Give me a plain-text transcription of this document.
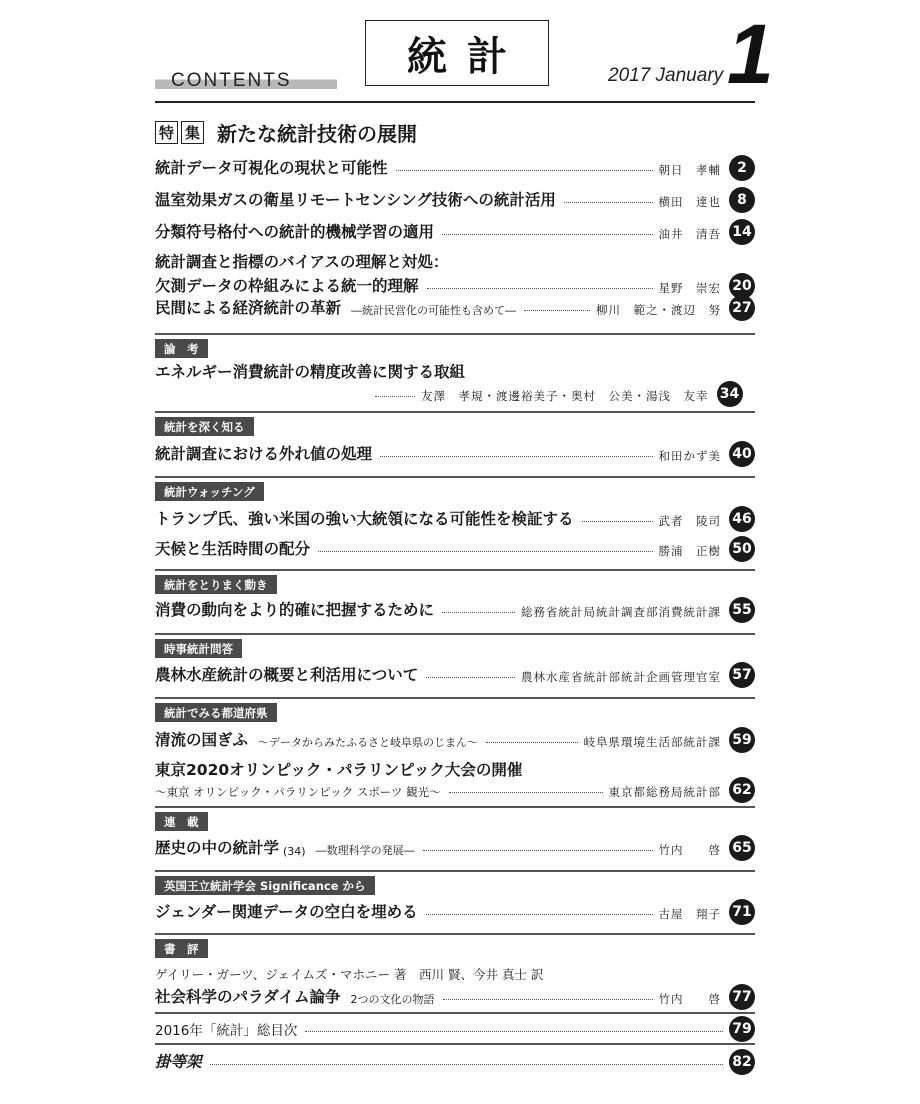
CONTENTS
統計	2017 January 1
特 集 新たな統計技術の展開
統計データ可視化の現状と可能性	朝日　孝輔	2
温室効果ガスの衛星リモートセンシング技術への統計活用	横田　達也	8
分類符号格付への統計的機械学習の適用	油井　清吾 14
統計調査と指標のバイアスの理解と対処：
欠測データの枠組みによる統一的理解	星野　崇宏 20
民間による経済統計の革新 ―統計民営化の可能性も含めて―	柳川　範之・渡辺　努 27
論　考
エネルギー消費統計の精度改善に関する取組
友澤　孝規・渡邊裕美子・奥村　公美・湯浅　友幸 34
統計を深く知る
統計調査における外れ値の処理	和田かず美 40
統計ウォッチング
トランプ氏、強い米国の強い大統領になる可能性を検証する	武者　陵司 46
天候と生活時間の配分	勝浦　正樹 50
統計をとりまく動き
消費の動向をより的確に把握するために	総務省統計局統計調査部消費統計課 55
時事統計問答
農林水産統計の概要と利活用について	農林水産省統計部統計企画管理官室 57
統計でみる都道府県
清流の国ぎふ ～データからみたふるさと岐阜県のじまん～	岐阜県環境生活部統計課 59
東京2020オリンピック・パラリンピック大会の開催
～東京 オリンピック・パラリンピック スポーツ 観光～	東京都総務局統計部 62
連　載
歴史の中の統計学 (34) ―数理科学の発展―	竹内　　啓 65
英国王立統計学会 Significance から
ジェンダー関連データの空白を埋める	古屋　翔子 71
書　評
ゲイリー・ガーツ、ジェイムズ・マホニー 著　西川 賢、今井 真士 訳
社会科学のパラダイム論争 2つの文化の物語	竹内　　啓 77
2016年「統計」総目次	79
掛等架	82
